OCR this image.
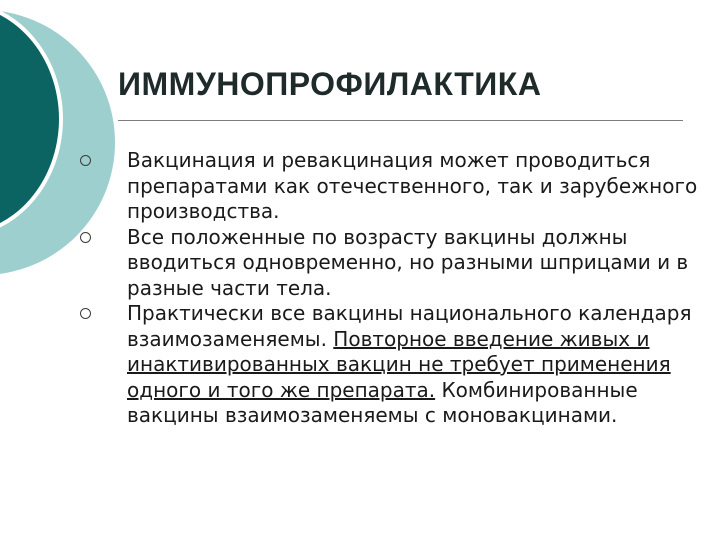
ИММУНОПРОФИЛАКТИКА
Вакцинация и ревакцинация может проводиться препаратами как отечественного, так и зарубежного производства.
Все положенные по возрасту вакцины должны вводиться одновременно, но разными шприцами и в разные части тела.
Практически все вакцины национального календаря взаимозаменяемы. Повторное введение живых и инактивированных вакцин не требует применения одного и того же препарата. Комбинированные вакцины взаимозаменяемы с моновакцинами.
